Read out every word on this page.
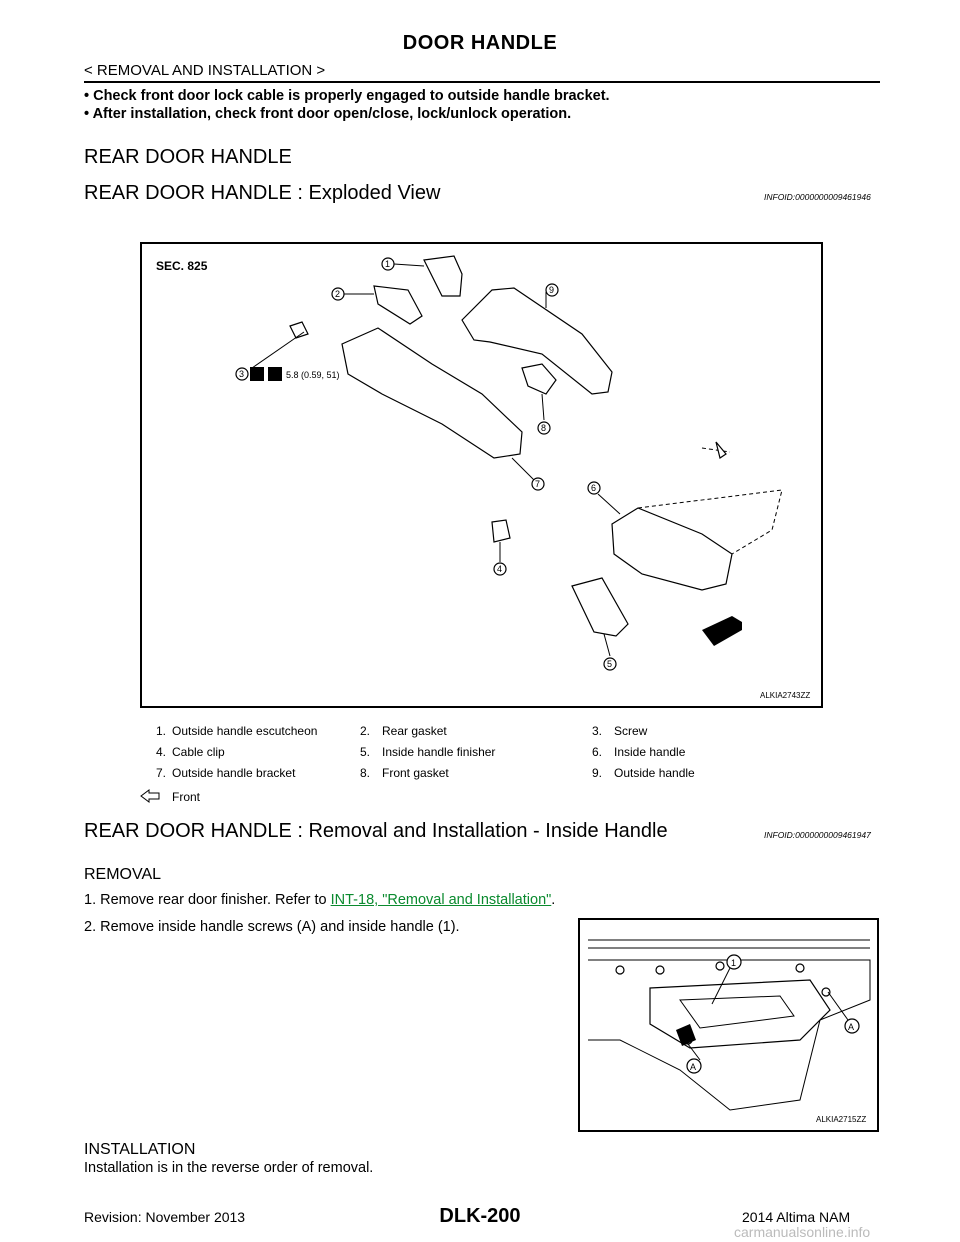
DOOR HANDLE
< REMOVAL AND INSTALLATION >
• Check front door lock cable is properly engaged to outside handle bracket.
• After installation, check front door open/close, lock/unlock operation.
REAR DOOR HANDLE
REAR DOOR HANDLE : Exploded View	INFOID:0000000009461946
SEC. 825	1
2	9
3	5.8 (0.59, 51)
7
8
6
4
5
ALKIA2743ZZ
1. Outside handle escutcheon	2. Rear gasket	3. Screw
4. Cable clip	5. Inside handle finisher	6. Inside handle
7. Outside handle bracket	8. Front gasket	9. Outside handle
Front
REAR DOOR HANDLE : Removal and Installation - Inside Handle	INFOID:0000000009461947
REMOVAL
1. Remove rear door finisher. Refer to INT-18, "Removal and Installation".
2. Remove inside handle screws (A) and inside handle (1).
1
A
A
ALKIA2715ZZ
INSTALLATION
Installation is in the reverse order of removal.
Revision: November 2013	DLK-200	2014 Altima NAM
carmanualsonline.info
